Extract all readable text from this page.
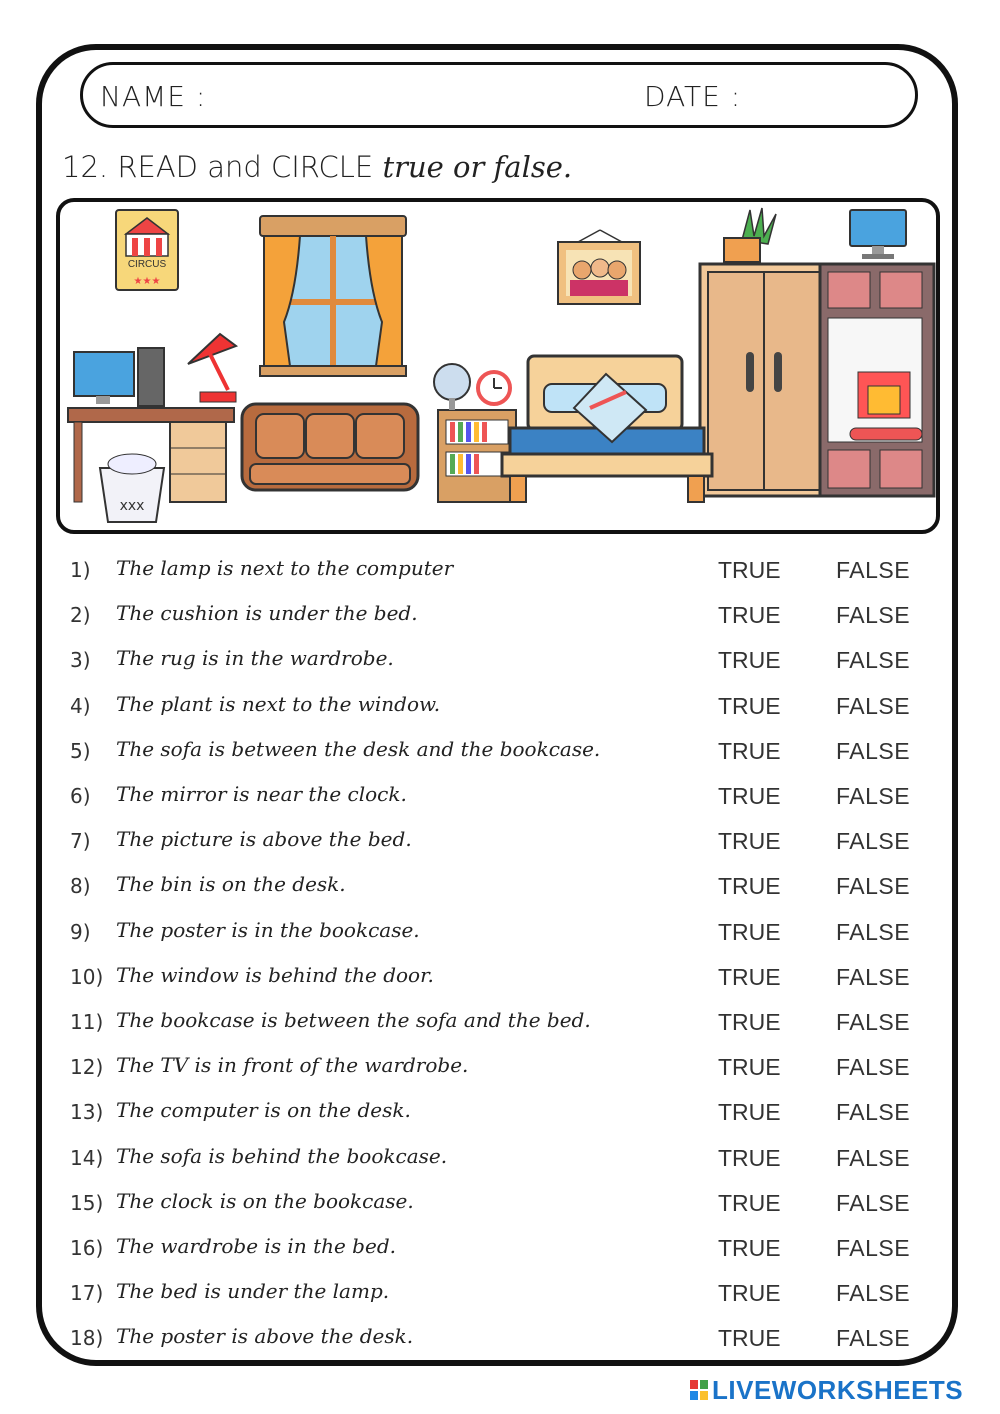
NAME :	DATE :
12. READ and CIRCLE true or false.
CIRCUS
★★★
xxx
1)	The lamp is next to the computer	TRUE FALSE
2)	The cushion is under the bed.	TRUE FALSE
3)	The rug is in the wardrobe.	TRUE FALSE
4)	The plant is next to the window.	TRUE FALSE
5)	The sofa is between the desk and the bookcase.	TRUE FALSE
6)	The mirror is near the clock.	TRUE FALSE
7)	The picture is above the bed.	TRUE FALSE
8)	The bin is on the desk.	TRUE FALSE
9)	The poster is in the bookcase.	TRUE FALSE
10) The window is behind the door.	TRUE FALSE
11) The bookcase is between the sofa and the bed.	TRUE FALSE
12) The TV is in front of the wardrobe.	TRUE FALSE
13) The computer is on the desk.	TRUE FALSE
14) The sofa is behind the bookcase.	TRUE FALSE
15) The clock is on the bookcase.	TRUE FALSE
16) The wardrobe is in the bed.	TRUE FALSE
17) The bed is under the lamp.	TRUE FALSE
18) The poster is above the desk.	TRUE FALSE
LIVEWORKSHEETS
